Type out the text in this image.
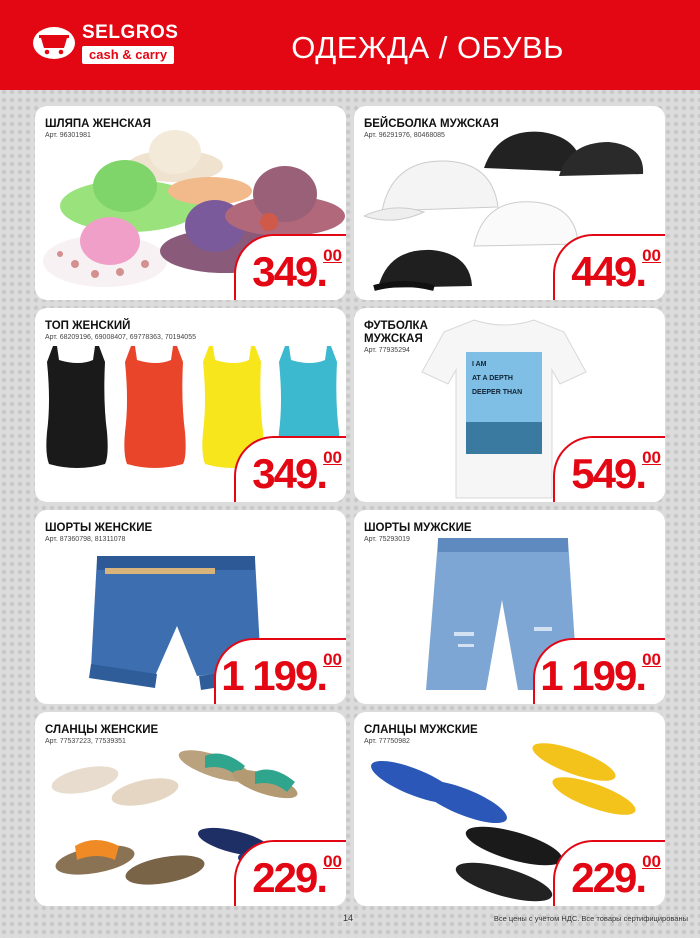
SELGROS
cash & carry	ОДЕЖДА / ОБУВЬ
ШЛЯПА ЖЕНСКАЯ
Арт. 96301981
349.
00
БЕЙСБОЛКА МУЖСКАЯ
Арт. 96291976, 80468085
449.
00
ТОП ЖЕНСКИЙ
Арт. 68209196, 69008407, 69778363, 70194055
349.
00
ФУТБОЛКА МУЖСКАЯ
Арт. 77935294
I AM
AT A DEPTH
DEEPER THAN
549.
00
ШОРТЫ ЖЕНСКИЕ
Арт. 87360798, 81311078
1 199.
00
ШОРТЫ МУЖСКИЕ
Арт. 75293019
1 199.
00
СЛАНЦЫ ЖЕНСКИЕ
Арт. 77537223, 77539351
229.
00
СЛАНЦЫ МУЖСКИЕ
Арт. 77750982
229.
00
14	Все цены с учётом НДС. Все товары сертифицированы
